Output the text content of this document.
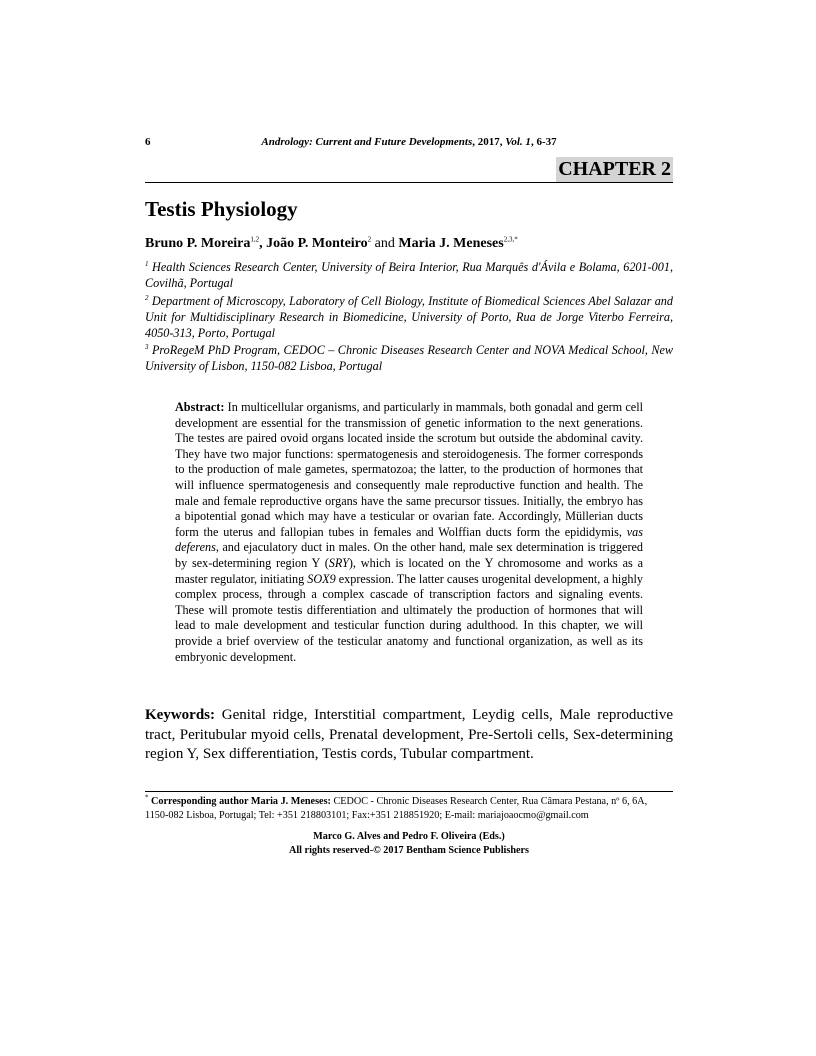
6	Andrology: Current and Future Developments, 2017, Vol. 1, 6-37
CHAPTER 2
Testis Physiology
Bruno P. Moreira$^{1,2}$, João P. Monteiro$^2$ and Maria J. Meneses$^{2,3,*}$
$^1$ Health Sciences Research Center, University of Beira Interior, Rua Marquês d'Ávila e Bolama, 6201-001, Covilhã, Portugal
$^2$ Department of Microscopy, Laboratory of Cell Biology, Institute of Biomedical Sciences Abel Salazar and Unit for Multidisciplinary Research in Biomedicine, University of Porto, Rua de Jorge Viterbo Ferreira, 4050-313, Porto, Portugal
$^3$ ProRegeM PhD Program, CEDOC – Chronic Diseases Research Center and NOVA Medical School, New University of Lisbon, 1150-082 Lisboa, Portugal
Abstract: In multicellular organisms, and particularly in mammals, both gonadal and germ cell development are essential for the transmission of genetic information to the next generations. The testes are paired ovoid organs located inside the scrotum but outside the abdominal cavity. They have two major functions: spermatogenesis and steroidogenesis. The former corresponds to the production of male gametes, spermatozoa; the latter, to the production of hormones that will influence spermatogenesis and consequently male reproductive function and health. The male and female reproductive organs have the same precursor tissues. Initially, the embryo has a bipotential gonad which may have a testicular or ovarian fate. Accordingly, Müllerian ducts form the uterus and fallopian tubes in females and Wolffian ducts form the epididymis, vas deferens, and ejaculatory duct in males. On the other hand, male sex determination is triggered by sex-determining region Y (SRY), which is located on the Y chromosome and works as a master regulator, initiating SOX9 expression. The latter causes urogenital development, a highly complex process, through a complex cascade of transcription factors and signaling events. These will promote testis differentiation and ultimately the production of hormones that will lead to male development and testicular function during adulthood. In this chapter, we will provide a brief overview of the testicular anatomy and functional organization, as well as its embryonic development.
Keywords: Genital ridge, Interstitial compartment, Leydig cells, Male reproductive tract, Peritubular myoid cells, Prenatal development, Pre-Sertoli cells, Sex-determining region Y, Sex differentiation, Testis cords, Tubular compartment.
* Corresponding author Maria J. Meneses: CEDOC - Chronic Diseases Research Center, Rua Câmara Pestana, nº 6, 6A, 1150-082 Lisboa, Portugal; Tel: +351 218803101; Fax:+351 218851920; E-mail: mariajoaocmo@gmail.com
Marco G. Alves and Pedro F. Oliveira (Eds.)
All rights reserved-© 2017 Bentham Science Publishers
